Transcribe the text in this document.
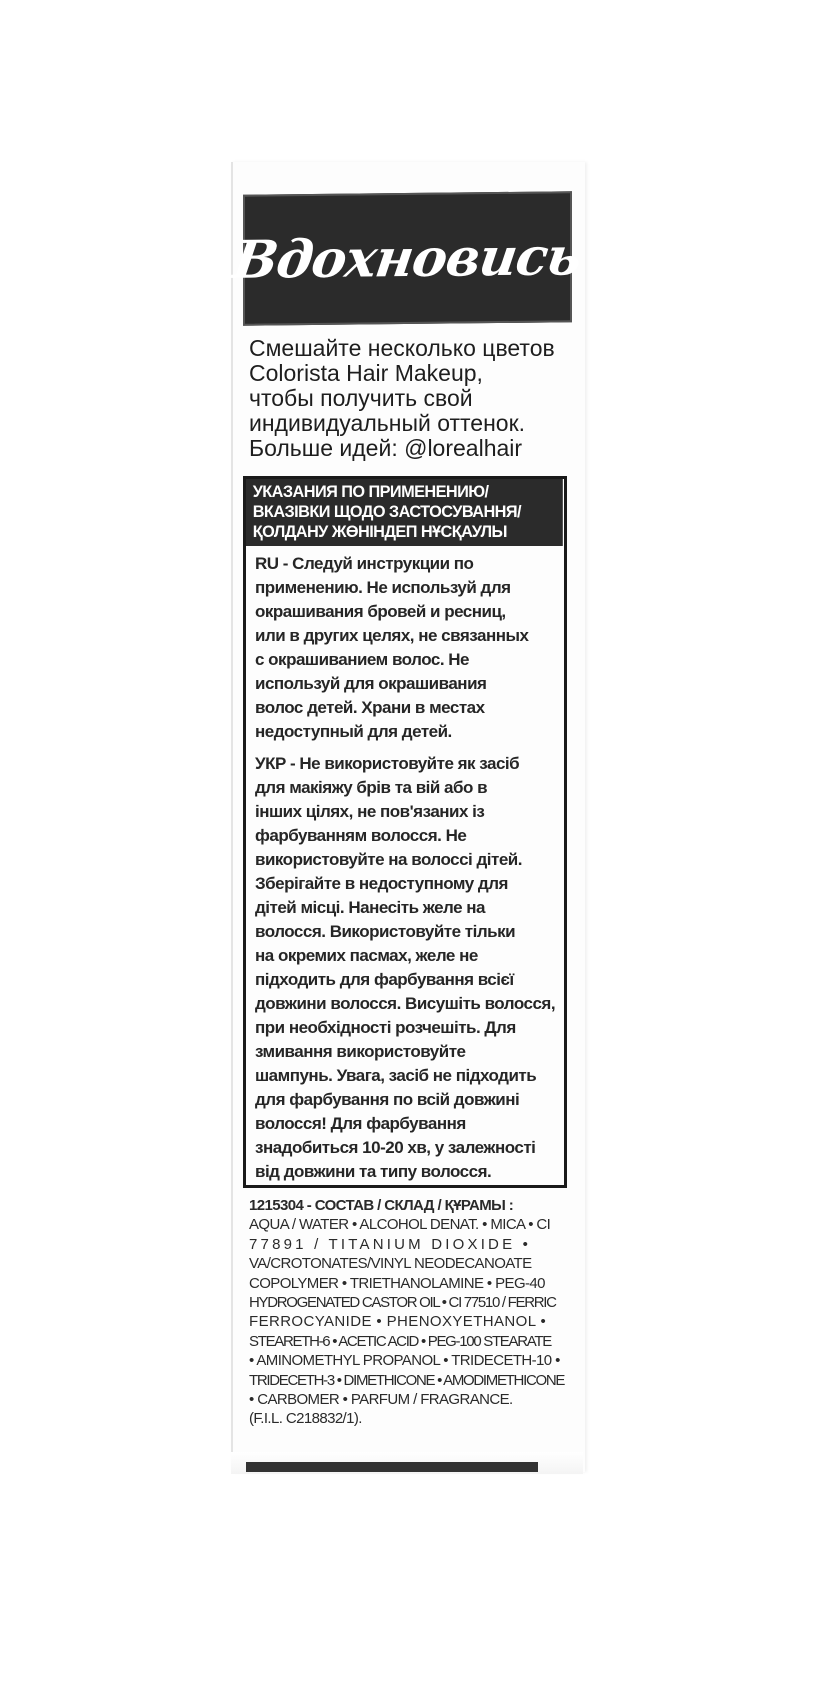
Вдохновись
Смешайте несколько цветов
Colorista Hair Makeup,
чтобы получить свой
индивидуальный оттенок.
Больше идей: @lorealhair
УКАЗАНИЯ ПО ПРИМЕНЕНИЮ/
ВКАЗІВКИ ЩОДО ЗАСТОСУВАННЯ/
ҚОЛДАНУ ЖӨНІНДЕП НҰСҚАУЛЫ
RU - Следуй инструкции по
применению. Не используй для
окрашивания бровей и ресниц,
или в других целях, не связанных
с окрашиванием волос. Не
используй для окрашивания
волос детей. Храни в местах
недоступный для детей.
УКР - Не використовуйте як засіб
для макіяжу брів та вій або в
інших цілях, не пов'язаних із
фарбуванням волосся. Не
використовуйте на волоссі дітей.
Зберігайте в недоступному для
дітей місці. Нанесіть желе на
волосся. Використовуйте тільки
на окремих пасмах, желе не
підходить для фарбування всієї
довжини волосся. Висушіть волосся,
при необхідності розчешіть. Для
змивання використовуйте
шампунь. Увага, засіб не підходить
для фарбування по всій довжині
волосся! Для фарбування
знадобиться 10-20 хв, у залежності
від довжини та типу волосся.
1215304 - СОСТАВ / СКЛАД / ҚҰРАМЫ :
AQUA / WATER • ALCOHOL DENAT. • MICA • CI
77891 / TITANIUM DIOXIDE •
VA/CROTONATES/VINYL NEODECANOATE
COPOLYMER • TRIETHANOLAMINE • PEG-40
HYDROGENATED CASTOR OIL • CI 77510 / FERRIC
FERROCYANIDE • PHENOXYETHANOL •
STEARETH-6 • ACETIC ACID • PEG-100 STEARATE
• AMINOMETHYL PROPANOL • TRIDECETH-10 •
TRIDECETH-3 • DIMETHICONE • AMODIMETHICONE
• CARBOMER • PARFUM / FRAGRANCE.
(F.I.L. C218832/1).
